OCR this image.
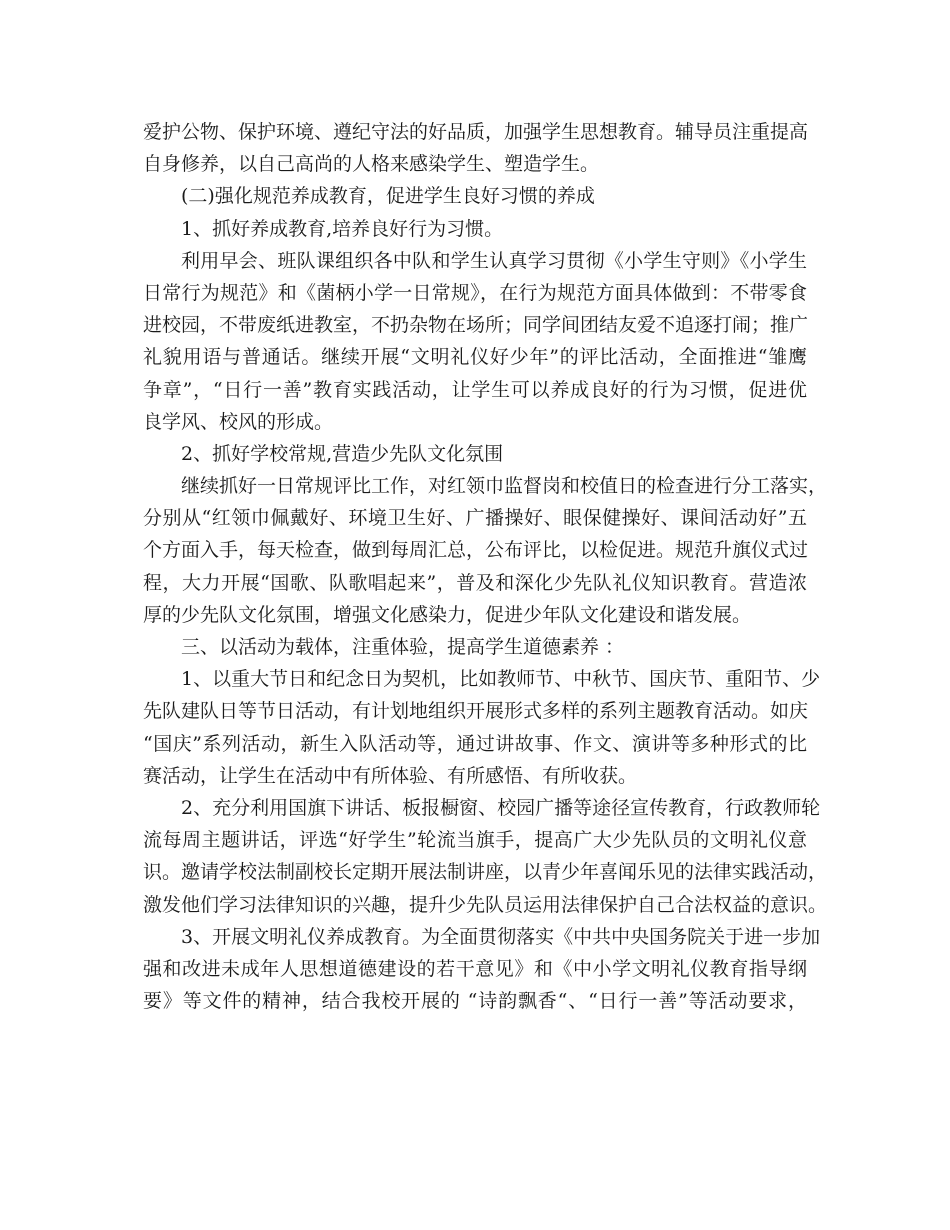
爱护公物、保护环境、遵纪守法的好品质，加强学生思想教育。辅导员注重提高
自身修养，以自己高尚的人格来感染学生、塑造学生。
(二)强化规范养成教育，促进学生良好习惯的养成
1、抓好养成教育,培养良好行为习惯。
利用早会、班队课组织各中队和学生认真学习贯彻《小学生守则》《小学生
日常行为规范》和《菌柄小学一日常规》，在行为规范方面具体做到：不带零食
进校园，不带废纸进教室，不扔杂物在场所；同学间团结友爱不追逐打闹；推广
礼貌用语与普通话。继续开展“文明礼仪好少年”的评比活动，全面推进“雏鹰
争章”，“日行一善”教育实践活动，让学生可以养成良好的行为习惯，促进优
良学风、校风的形成。
2、抓好学校常规,营造少先队文化氛围
继续抓好一日常规评比工作，对红领巾监督岗和校值日的检查进行分工落实，
分别从“红领巾佩戴好、环境卫生好、广播操好、眼保健操好、课间活动好”五
个方面入手，每天检查，做到每周汇总，公布评比，以检促进。规范升旗仪式过
程，大力开展“国歌、队歌唱起来”，普及和深化少先队礼仪知识教育。营造浓
厚的少先队文化氛围，增强文化感染力，促进少年队文化建设和谐发展。
三、以活动为载体，注重体验，提高学生道德素养 ：
1、以重大节日和纪念日为契机，比如教师节、中秋节、国庆节、重阳节、少
先队建队日等节日活动，有计划地组织开展形式多样的系列主题教育活动。如庆
“国庆”系列活动，新生入队活动等，通过讲故事、作文、演讲等多种形式的比
赛活动，让学生在活动中有所体验、有所感悟、有所收获。
2、充分利用国旗下讲话、板报橱窗、校园广播等途径宣传教育，行政教师轮
流每周主题讲话，评选“好学生”轮流当旗手，提高广大少先队员的文明礼仪意
识。邀请学校法制副校长定期开展法制讲座，以青少年喜闻乐见的法律实践活动，
激发他们学习法律知识的兴趣，提升少先队员运用法律保护自己合法权益的意识。
3、开展文明礼仪养成教育。为全面贯彻落实《中共中央国务院关于进一步加
强和改进未成年人思想道德建设的若干意见》和《中小学文明礼仪教育指导纲
要》等文件的精神，结合我校开展的 “诗韵飘香“、“日行一善”等活动要求，
